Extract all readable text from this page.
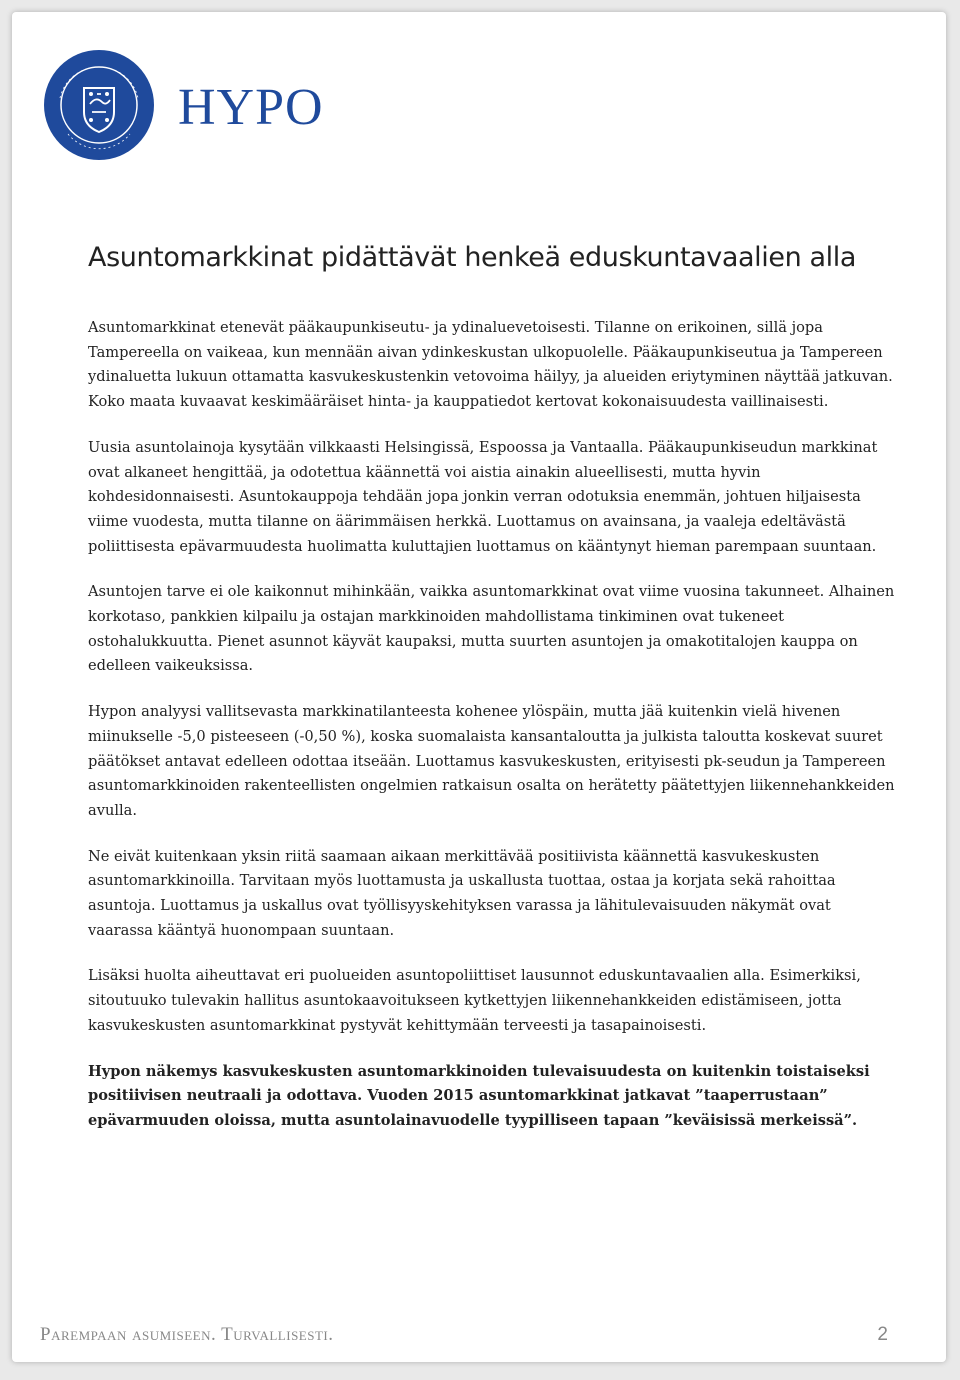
HYPO
Asuntomarkkinat pidättävät henkeä eduskuntavaalien alla

Asuntomarkkinat etenevät pääkaupunkiseutu- ja ydinaluevetoisesti. Tilanne on erikoinen, sillä jopa Tampereella on vaikeaa, kun mennään aivan ydinkeskustan ulkopuolelle. Pääkaupunkiseutua ja Tampereen ydinaluetta lukuun ottamatta kasvukeskustenkin vetovoima häilyy, ja alueiden eriytyminen näyttää jatkuvan. Koko maata kuvaavat keskimääräiset hinta- ja kauppatiedot kertovat kokonaisuudesta vaillinaisesti.

Uusia asuntolainoja kysytään vilkkaasti Helsingissä, Espoossa ja Vantaalla. Pääkaupunkiseudun markkinat ovat alkaneet hengittää, ja odotettua käännettä voi aistia ainakin alueellisesti, mutta hyvin kohdesidonnaisesti. Asuntokauppoja tehdään jopa jonkin verran odotuksia enemmän, johtuen hiljaisesta viime vuodesta, mutta tilanne on äärimmäisen herkkä. Luottamus on avainsana, ja vaaleja edeltävästä poliittisesta epävarmuudesta huolimatta kuluttajien luottamus on kääntynyt hieman parempaan suuntaan.

Asuntojen tarve ei ole kaikonnut mihinkään, vaikka asuntomarkkinat ovat viime vuosina takunneet. Alhainen korkotaso, pankkien kilpailu ja ostajan markkinoiden mahdollistama tinkiminen ovat tukeneet ostohalukkuutta. Pienet asunnot käyvät kaupaksi, mutta suurten asuntojen ja omakotitalojen kauppa on edelleen vaikeuksissa.

Hypon analyysi vallitsevasta markkinatilanteesta kohenee ylöspäin, mutta jää kuitenkin vielä hivenen miinukselle -5,0 pisteeseen (-0,50 %), koska suomalaista kansantaloutta ja julkista taloutta koskevat suuret päätökset antavat edelleen odottaa itseään. Luottamus kasvukeskusten, erityisesti pk-seudun ja Tampereen asuntomarkkinoiden rakenteellisten ongelmien ratkaisun osalta on herätetty päätettyjen liikennehankkeiden avulla.

Ne eivät kuitenkaan yksin riitä saamaan aikaan merkittävää positiivista käännettä kasvukeskusten asuntomarkkinoilla. Tarvitaan myös luottamusta ja uskallusta tuottaa, ostaa ja korjata sekä rahoittaa asuntoja. Luottamus ja uskallus ovat työllisyyskehityksen varassa ja lähitulevaisuuden näkymät ovat vaarassa kääntyä huonompaan suuntaan.

Lisäksi huolta aiheuttavat eri puolueiden asuntopoliittiset lausunnot eduskuntavaalien alla. Esimerkiksi, sitoutuuko tulevakin hallitus asuntokaavoitukseen kytkettyjen liikennehankkeiden edistämiseen, jotta kasvukeskusten asuntomarkkinat pystyvät kehittymään terveesti ja tasapainoisesti.

Hypon näkemys kasvukeskusten asuntomarkkinoiden tulevaisuudesta on kuitenkin toistaiseksi positiivisen neutraali ja odottava. Vuoden 2015 asuntomarkkinat jatkavat ”taaperrustaan” epävarmuuden oloissa, mutta asuntolainavuodelle tyypilliseen tapaan ”keväisissä merkeissä”.

Parempaan asumiseen. Turvallisesti.	2
